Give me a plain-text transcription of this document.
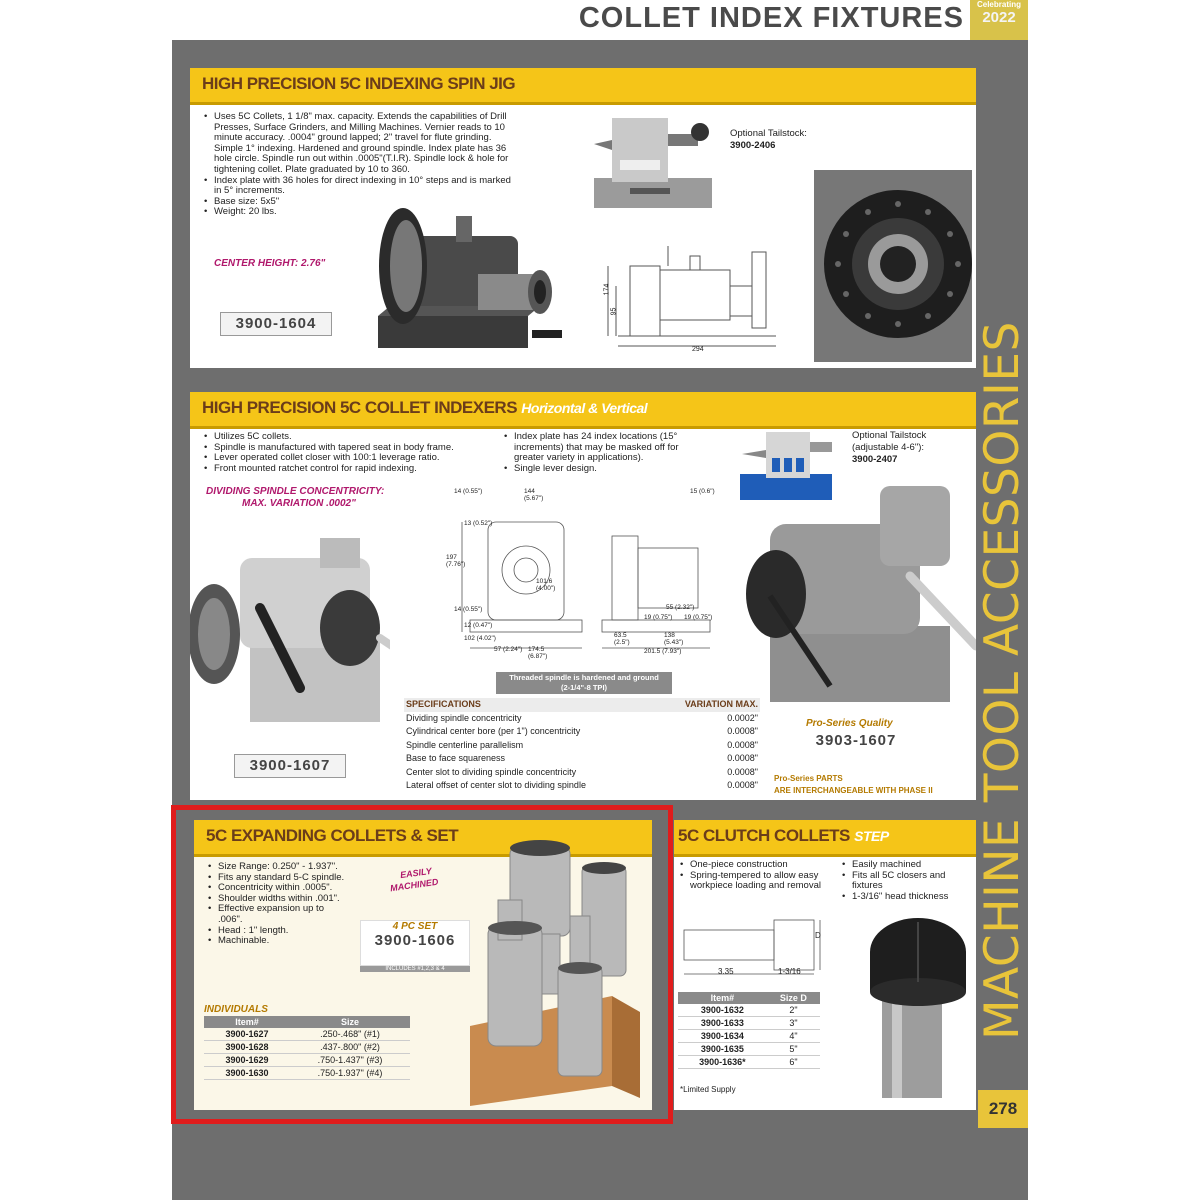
COLLET INDEX FIXTURES	Celebrating
2022
HIGH PRECISION 5C INDEXING SPIN JIG
• Uses 5C Collets, 1 1/8" max. capacity. Extends the capabilities of Drill Presses, Surface Grinders, and Milling Machines. Vernier reads to 10 minute accuracy. .0004" ground lapped; 2" travel for flute grinding. Simple 1° indexing. Hardened and ground spindle. Index plate has 36 hole circle. Spindle run out within .0005"(T.I.R). Spindle lock & hole for tightening collet. Plate graduated by 10 to 360.
• Index plate with 36 holes for direct indexing in 10° steps and is marked in 5° increments.
• Base size: 5x5"
• Weight: 20 lbs.
CENTER HEIGHT: 2.76"
3900-1604
Optional Tailstock:
3900-2406
174
95
294
HIGH PRECISION 5C COLLET INDEXERS Horizontal & Vertical
• Utilizes 5C collets.
• Spindle is manufactured with tapered seat in body frame.
• Lever operated collet closer with 100:1 leverage ratio.
• Front mounted ratchet control for rapid indexing.
• Index plate has 24 index locations (15° increments) that may be masked off for greater variety in applications).
• Single lever design.
DIVIDING SPINDLE CONCENTRICITY:
MAX. VARIATION .0002"
3900-1607
14 (0.55")	144 (5.67")
13 (0.52")
197 (7.76")
101.6 (4.00")
14 (0.55")
12 (0.47")
102 (4.02")
57 (2.24") 174.5 (6.87")
15 (0.6")
55 (2.32")
19 (0.75") 19 (0.75")
138 (5.43")
63.5 (2.5")
201.5 (7.93")
Threaded spindle is hardened and ground
(2-1/4"-8 TPI)
SPECIFICATIONS	VARIATION MAX.
Dividing spindle concentricity	0.0002"
Cylindrical center bore (per 1") concentricity	0.0008"
Spindle centerline parallelism	0.0008"
Base to face squareness	0.0008"
Center slot to dividing spindle concentricity	0.0008"
Lateral offset of center slot to dividing spindle	0.0008"
Optional Tailstock
(adjustable 4-6"):
3900-2407
Pro-Series Quality
3903-1607
Pro-Series PARTS
ARE INTERCHANGEABLE WITH PHASE II
5C EXPANDING COLLETS & SET
• Size Range: 0.250" - 1.937".
• Fits any standard 5-C spindle.
• Concentricity within .0005".
• Shoulder widths within .001".
• Effective expansion up to .006".
• Head : 1" length.
• Machinable.
EASILY
MACHINED
4 PC SET
3900-1606
INCLUDES #1,2,3 & 4
INDIVIDUALS
Item#	Size
3900-1627	.250-.468" (#1)
3900-1628	.437-.800" (#2)
3900-1629	.750-1.437" (#3)
3900-1630	.750-1.937" (#4)
5C CLUTCH COLLETS STEP
• One-piece construction
• Spring-tempered to allow easy workpiece loading and removal
• Easily machined
• Fits all 5C closers and fixtures
• 1-3/16" head thickness
3.35	1-3/16
D
Item#	Size D
3900-1632	2"
3900-1633	3"
3900-1634	4"
3900-1635	5"
3900-1636*	6"
*Limited Supply
MACHINE TOOL ACCESSORIES
278
